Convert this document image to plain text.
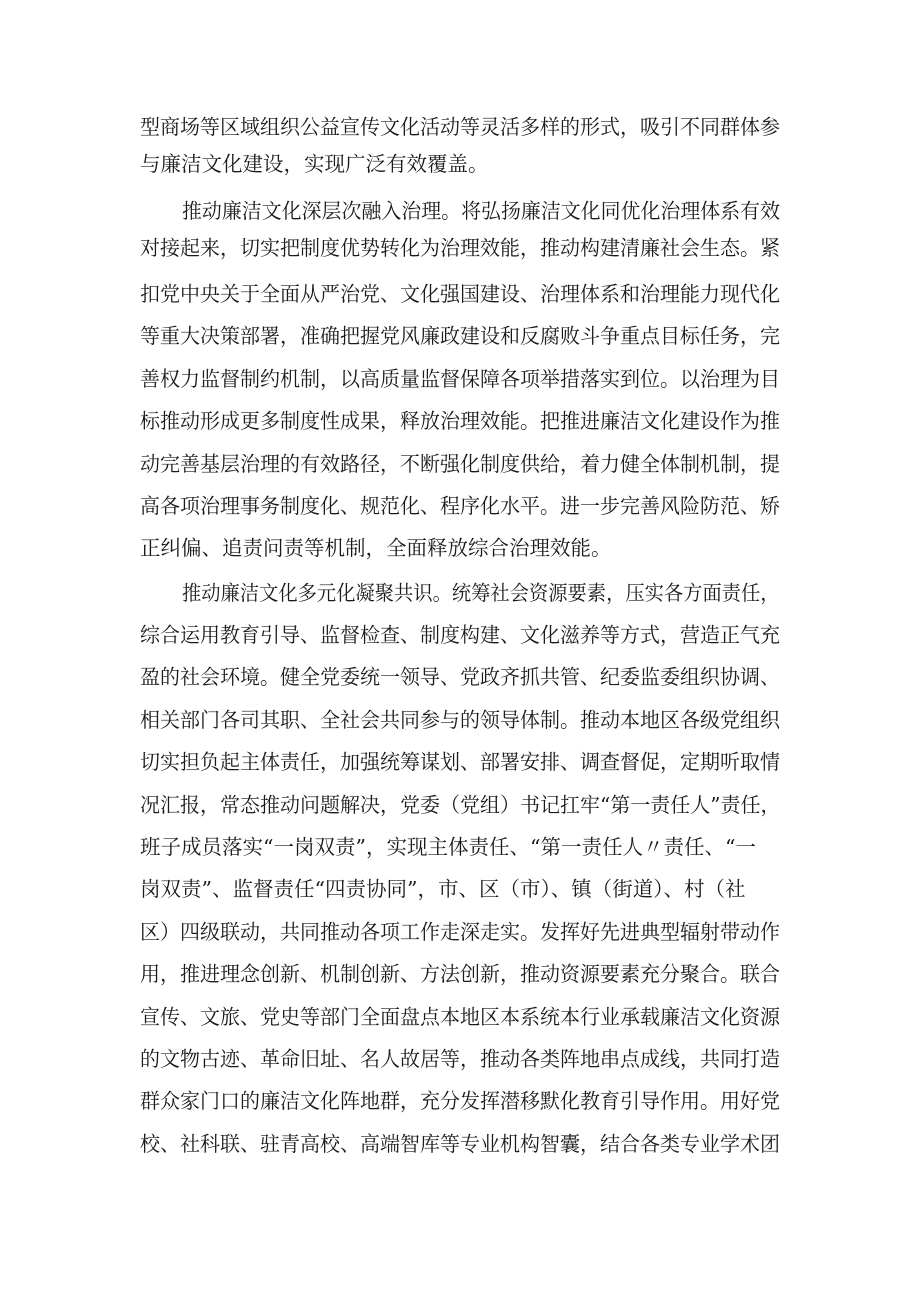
型商场等区域组织公益宣传文化活动等灵活多样的形式，吸引不同群体参

与廉洁文化建设，实现广泛有效覆盖。

推动廉洁文化深层次融入治理。将弘扬廉洁文化同优化治理体系有效

对接起来，切实把制度优势转化为治理效能，推动构建清廉社会生态。紧

扣党中央关于全面从严治党、文化强国建设、治理体系和治理能力现代化

等重大决策部署，准确把握党风廉政建设和反腐败斗争重点目标任务，完

善权力监督制约机制，以高质量监督保障各项举措落实到位。以治理为目

标推动形成更多制度性成果，释放治理效能。把推进廉洁文化建设作为推

动完善基层治理的有效路径，不断强化制度供给，着力健全体制机制，提

高各项治理事务制度化、规范化、程序化水平。进一步完善风险防范、矫

正纠偏、追责问责等机制，全面释放综合治理效能。

推动廉洁文化多元化凝聚共识。统筹社会资源要素，压实各方面责任，

综合运用教育引导、监督检查、制度构建、文化滋养等方式，营造正气充

盈的社会环境。健全党委统一领导、党政齐抓共管、纪委监委组织协调、

相关部门各司其职、全社会共同参与的领导体制。推动本地区各级党组织

切实担负起主体责任，加强统筹谋划、部署安排、调查督促，定期听取情

况汇报，常态推动问题解决，党委（党组）书记扛牢“第一责任人”责任，

班子成员落实“一岗双责”，实现主体责任、“第一责任人〃责任、“一

岗双责”、监督责任“四责协同”，市、区（市）、镇（街道）、村（社

区）四级联动，共同推动各项工作走深走实。发挥好先进典型辐射带动作

用，推进理念创新、机制创新、方法创新，推动资源要素充分聚合。联合

宣传、文旅、党史等部门全面盘点本地区本系统本行业承载廉洁文化资源

的文物古迹、革命旧址、名人故居等，推动各类阵地串点成线，共同打造

群众家门口的廉洁文化阵地群，充分发挥潜移默化教育引导作用。用好党

校、社科联、驻青高校、高端智库等专业机构智囊，结合各类专业学术团
